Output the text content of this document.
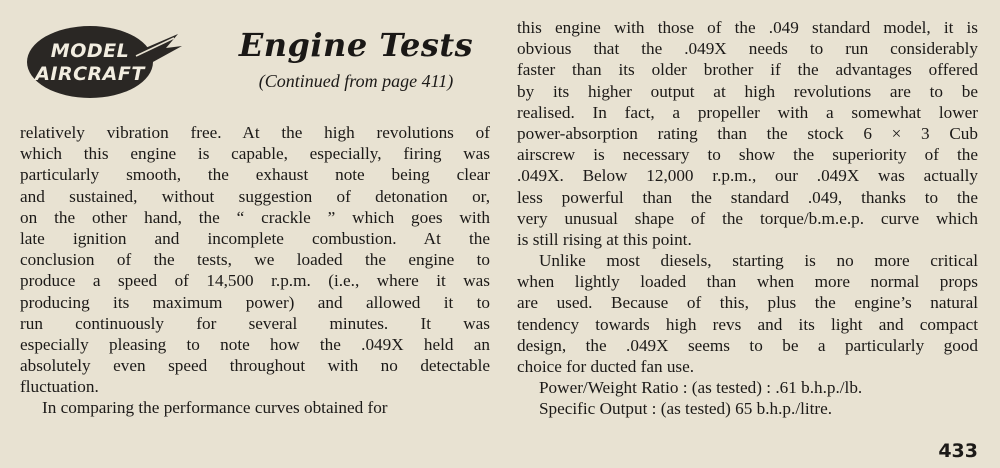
MODEL
AIRCRAFT
Engine Tests
(Continued from page 411)
relatively vibration free. At the high revolutions of
which this engine is capable, especially, firing was
particularly smooth, the exhaust note being clear
and sustained, without suggestion of detonation or,
on the other hand, the “ crackle ” which goes with
late ignition and incomplete combustion. At the
conclusion of the tests, we loaded the engine to
produce a speed of 14,500 r.p.m. (i.e., where it was
producing its maximum power) and allowed it to
run continuously for several minutes. It was
especially pleasing to note how the .049X held an
absolutely even speed throughout with no detectable
fluctuation.
In comparing the performance curves obtained for
this engine with those of the .049 standard model, it is
obvious that the .049X needs to run considerably
faster than its older brother if the advantages offered
by its higher output at high revolutions are to be
realised. In fact, a propeller with a somewhat lower
power-absorption rating than the stock 6 × 3 Cub
airscrew is necessary to show the superiority of the
.049X. Below 12,000 r.p.m., our .049X was actually
less powerful than the standard .049, thanks to the
very unusual shape of the torque/b.m.e.p. curve which
is still rising at this point.
Unlike most diesels, starting is no more critical
when lightly loaded than when more normal props
are used. Because of this, plus the engine’s natural
tendency towards high revs and its light and compact
design, the .049X seems to be a particularly good
choice for ducted fan use.
Power/Weight Ratio : (as tested) : .61 b.h.p./lb.
Specific Output : (as tested) 65 b.h.p./litre.
433
